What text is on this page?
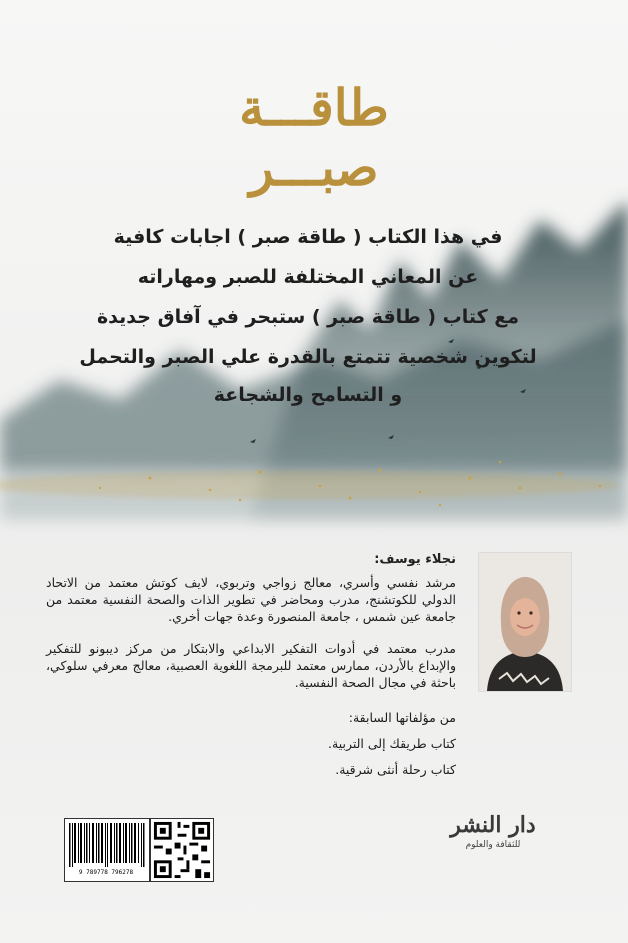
طاقـــة
صبـــر
في هذا الكتاب ( طاقة صبر ) اجابات كافية
عن المعاني المختلفة للصبر ومهاراته
مع كتاب ( طاقة صبر ) ستبحر في آفاق جديدة
لتكوين شخصية تتمتع بالقدرة علي الصبر والتحمل
و التسامح والشجاعة
نجلاء يوسف:
مرشد نفسي وأسري، معالج زواجي وتربوي، لايف كوتش معتمد من الاتحاد الدولي للكوتشنج، مدرب ومحاضر في تطوير الذات والصحة النفسية معتمد من جامعة عين شمس ، جامعة المنصورة وعدة جهات أخري.
مدرب معتمد في أدوات التفكير الابداعي والابتكار من مركز ديبونو للتفكير والإبداع بالأردن، ممارس معتمد للبرمجة اللغوية العصبية، معالج معرفي سلوكي، باحثة في مجال الصحة النفسية.
من مؤلفاتها السابقة:
كتاب طريقك إلى التربية.
كتاب رحلة أنثى شرقية.
9 789778 796278
دار النشر
للثقافة والعلوم
